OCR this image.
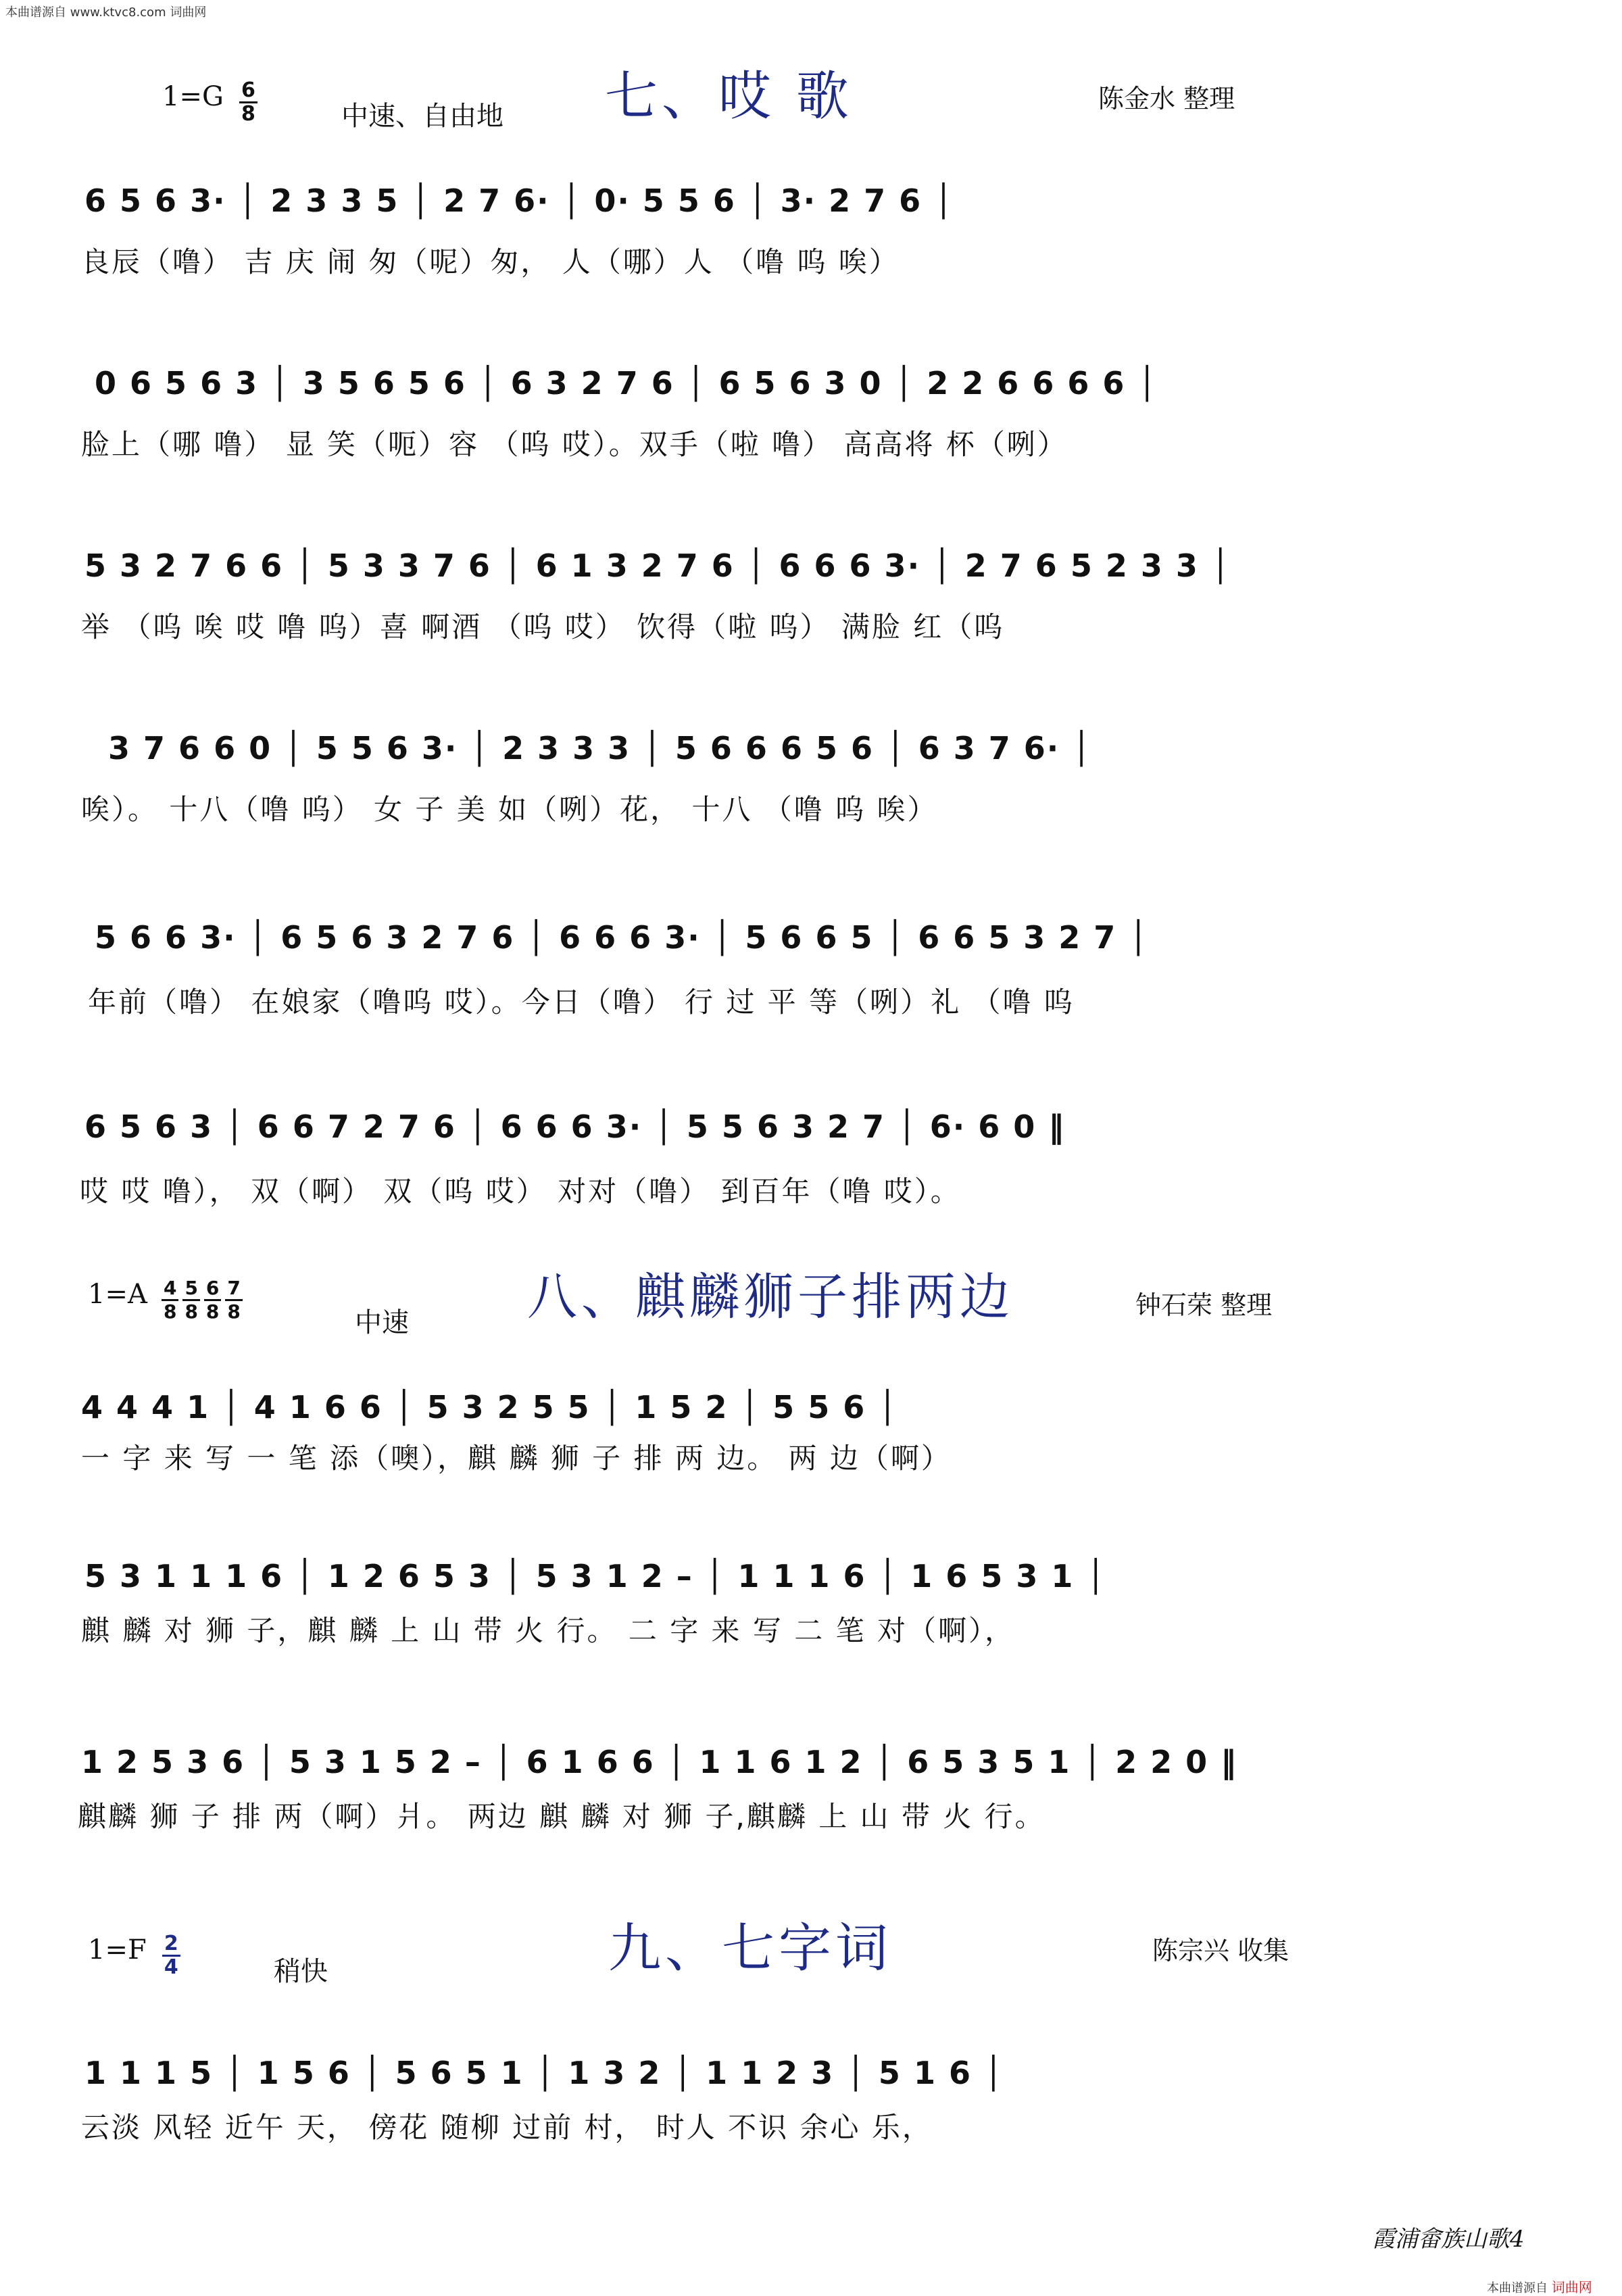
本曲谱源自 www.ktvc8.com 词曲网
$1=G \frac{6}{8}$	中速、自由地 七、哎 歌	陈金水 整理
6 5 6 3· │ 2 3 3 5 │ 2 7 6· │ 0· 5 5 6 │ 3· 2 7 6 │
良辰（噜） 吉 庆 闹 匆（呢）匆， 人（哪）人 （噜 呜 唉）
0 6 5 6 3 │ 3 5 6 5 6 │ 6 3 2 7 6 │ 6 5 6 3 0 │ 2 2 6 6 6 6 │
脸上（哪 噜） 显 笑（呃）容 （呜 哎）。双手（啦 噜） 高高将 杯（咧）
5 3 2 7 6 6 │ 5 3 3 7 6 │ 6 1 3 2 7 6 │ 6 6 6 3· │ 2 7 6 5 2 3 3 │
举 （呜 唉 哎 噜 呜）喜 啊酒 （呜 哎） 饮得（啦 呜） 满脸 红（呜
3 7 6 6 0 │ 5 5 6 3· │ 2 3 3 3 │ 5 6 6 6 5 6 │ 6 3 7 6· │
唉）。 十八（噜 呜） 女 子 美 如（咧）花， 十八 （噜 呜 唉）
5 6 6 3· │ 6 5 6 3 2 7 6 │ 6 6 6 3· │ 5 6 6 5 │ 6 6 5 3 2 7 │
年前（噜） 在娘家（噜呜 哎）。今日（噜） 行 过 平 等（咧）礼 （噜 呜
6 5 6 3 │ 6 6 7 2 7 6 │ 6 6 6 3· │ 5 5 6 3 2 7 │ 6· 6 0 ‖
哎 哎 噜）， 双（啊） 双（呜 哎） 对对（噜） 到百年（噜 哎）。
$1=A \frac{4}{8} \frac{5}{8} \frac{6}{8} \frac{7}{8}$	中速 八、麒麟狮子排两边	钟石荣 整理
4 4 4 1 │ 4 1 6 6 │ 5 3 2 5 5 │ 1 5 2 │ 5 5 6 │
一 字 来 写 一 笔 添（噢），麒 麟 狮 子 排 两 边。 两 边（啊）
5 3 1 1 1 6 │ 1 2 6 5 3 │ 5 3 1 2 – │ 1 1 1 6 │ 1 6 5 3 1 │
麒 麟 对 狮 子，麒 麟 上 山 带 火 行。 二 字 来 写 二 笔 对（啊），
1 2 5 3 6 │ 5 3 1 5 2 – │ 6 1 6 6 │ 1 1 6 1 2 │ 6 5 3 5 1 │ 2 2 0 ‖
麒麟 狮 子 排 两（啊）爿。 两边 麒 麟 对 狮 子,麒麟 上 山 带 火 行。
$1=F \frac{2}{4}$	稍快	九、七字词	陈宗兴 收集
1 1 1 5 │ 1 5 6 │ 5 6 5 1 │ 1 3 2 │ 1 1 2 3 │ 5 1 6 │
云淡 风轻 近午 天， 傍花 随柳 过前 村， 时人 不识 余心 乐，
霞浦畲族山歌4
本曲谱源自 词曲网
